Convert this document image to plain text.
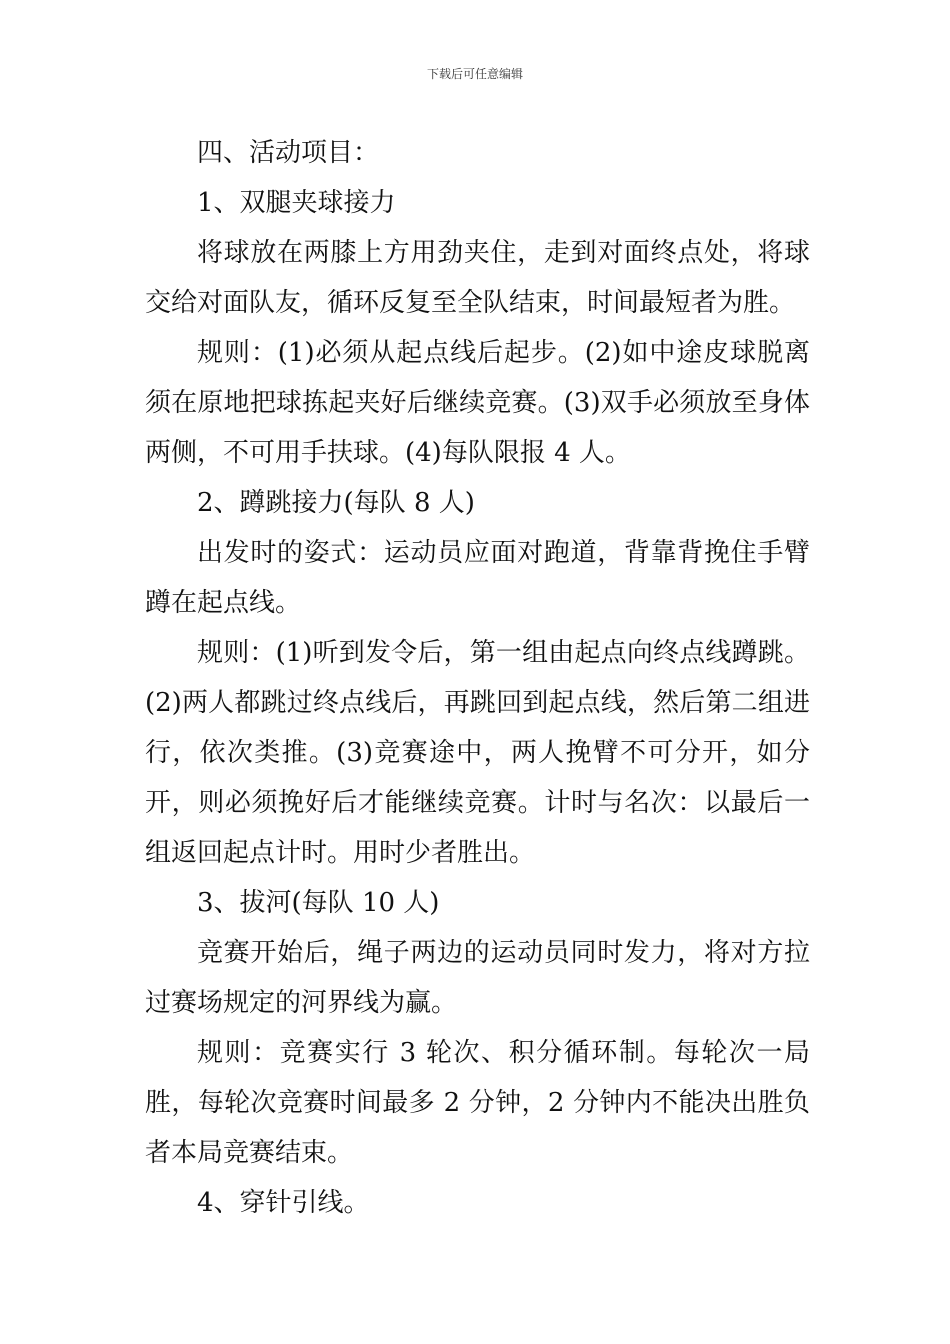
下载后可任意编辑

四、活动项目：

1、双腿夹球接力

将球放在两膝上方用劲夹住，走到对面终点处，将球交给对面队友，循环反复至全队结束，时间最短者为胜。

规则：(1)必须从起点线后起步。(2)如中途皮球脱离须在原地把球拣起夹好后继续竞赛。(3)双手必须放至身体两侧，不可用手扶球。(4)每队限报 4 人。

2、蹲跳接力(每队 8 人)

出发时的姿式：运动员应面对跑道，背靠背挽住手臂蹲在起点线。

规则：(1)听到发令后，第一组由起点向终点线蹲跳。(2)两人都跳过终点线后，再跳回到起点线，然后第二组进行，依次类推。(3)竞赛途中，两人挽臂不可分开，如分开，则必须挽好后才能继续竞赛。计时与名次：以最后一组返回起点计时。用时少者胜出。

3、拔河(每队 10 人)

竞赛开始后，绳子两边的运动员同时发力，将对方拉过赛场规定的河界线为赢。

规则：竞赛实行 3 轮次、积分循环制。每轮次一局胜，每轮次竞赛时间最多 2 分钟，2 分钟内不能决出胜负者本局竞赛结束。

4、穿针引线。
